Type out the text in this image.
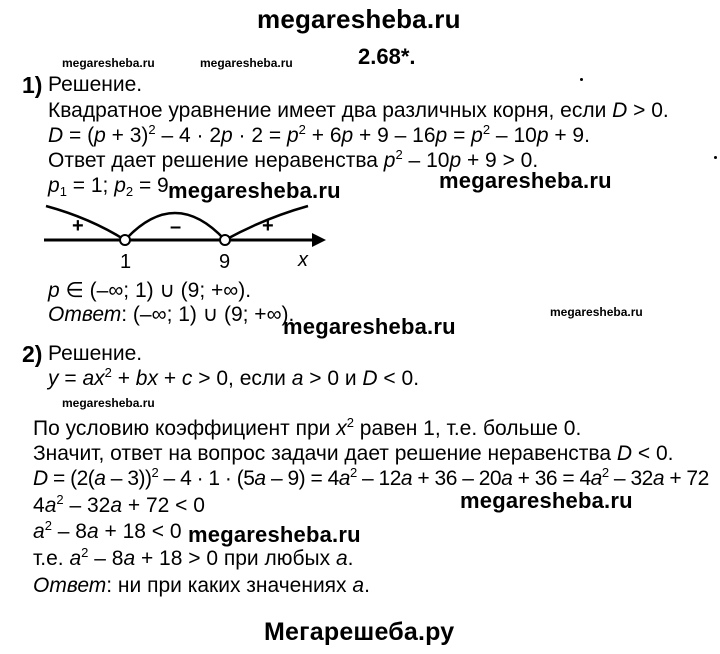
megaresheba.ru
2.68*.
megaresheba.ru	megaresheba.ru
1) Решение.
Квадратное уравнение имеет два различных корня, если D > 0.
$D = (p + 3)^2 - 4 \cdot 2p \cdot 2 = p^2 + 6p + 9 - 16p = p^2 - 10p + 9$.
Ответ дает решение неравенства $p^2 - 10p + 9 > 0$.
$p_1 = 1$; $p_2 = 9$.
megaresheba.ru	megaresheba.ru
+	–	+
1	9	x
p ∈ (–∞; 1) ∪ (9; +∞).
Ответ: (–∞; 1) ∪ (9; +∞).	megaresheba.ru
megaresheba.ru
2) Решение.
$y = ax^2$ + bx + c > 0, если a > 0 и D < 0.
megaresheba.ru
По условию коэффициент при $x^2$ равен 1, т.е. больше 0.
Значит, ответ на вопрос задачи дает решение неравенства D < 0.
$D = (2(a - 3))^2 - 4 \cdot 1 \cdot (5a - 9) = 4a^2 - 12a + 36 - 20a + 36 = 4a^2 - 32a + 72$
megaresheba.ru
$4a^2 - 32a + 72 < 0$
$a^2 - 8a + 18 < 0$ megaresheba.ru
т.е. $a^2 - 8a + 18 > 0$ при любых a.
Ответ: ни при каких значениях a.
Мегарешеба.ру
